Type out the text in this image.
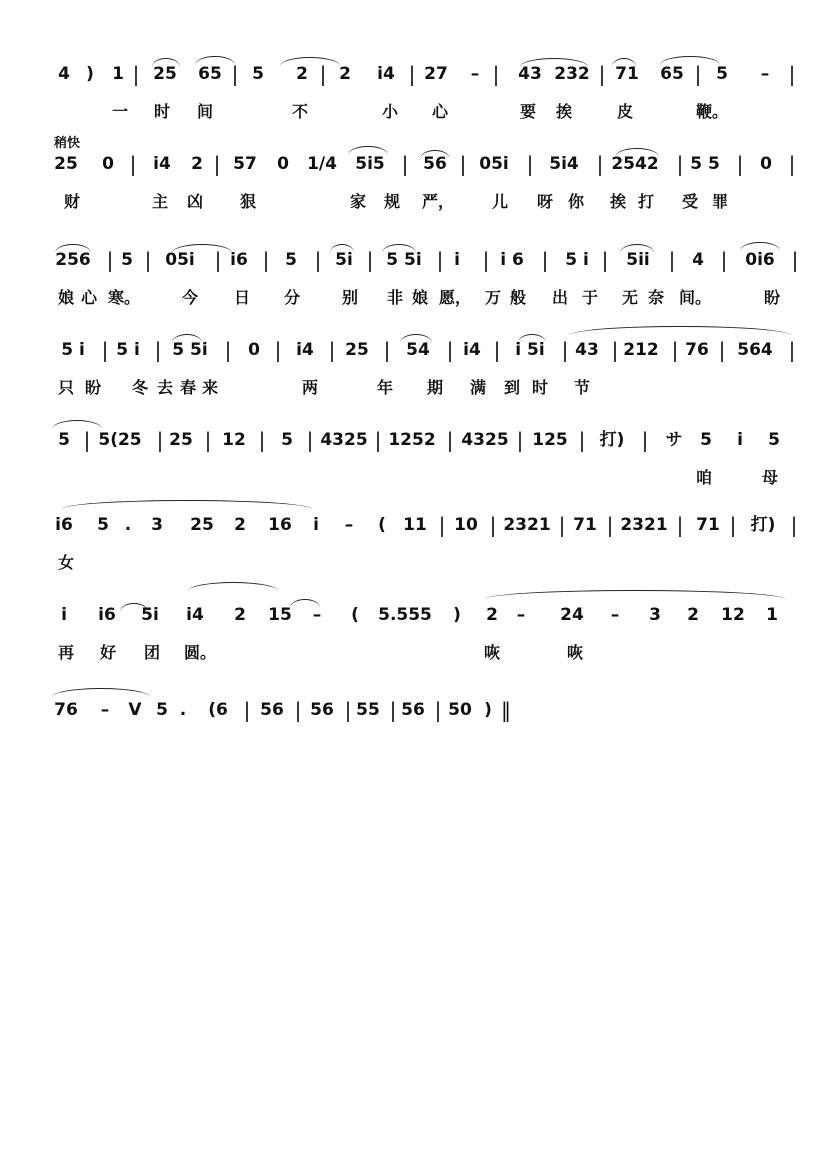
4 ) 1 | 25 65 | 5 2 | 2 i4 | 27 – | 43 232 | 71 65 | 5 – |
一 时 间	不	小 心	要 挨	皮	鞭。
稍快
25 0 | i4 2 | 57 0 1/4 5i5 | 56 | 05i | 5i4 | 2542 | 5 5 | 0 |
财	主 凶 狠	家 规 严， 儿 呀 你 挨 打 受 罪
256 | 5 | 05i | i6 | 5 | 5i | 5 5i | i | i 6 | 5 i | 5ii | 4 | 0i6 |
娘 心 寒。	今 日 分	别 非 娘 愿， 万 般 出 于 无 奈 间。	盼
5 i | 5 i | 5 5i | 0 | i4 | 25 | 54 | i4 | i 5i | 43 | 212 | 76 | 564 |
只 盼 冬 去 春 来	两	年 期 满 到 时 节
5 | 5(25 | 25 | 12 | 5 | 4325 | 1252 | 4325 | 125 | 打) | サ 5 i 5
咱	母
i6 5 . 3 25 2 16 i – ( 11 | 10 | 2321 | 71 | 2321 | 71 | 打) |
女
i i6 5i i4 2 15 – ( 5.555 ) 2 – 24 – 3 2 12 1
再 好 团 圆。	咴	咴
76 – V 5 . (6 | 56 | 56 | 55 | 56 | 50 ) ‖
